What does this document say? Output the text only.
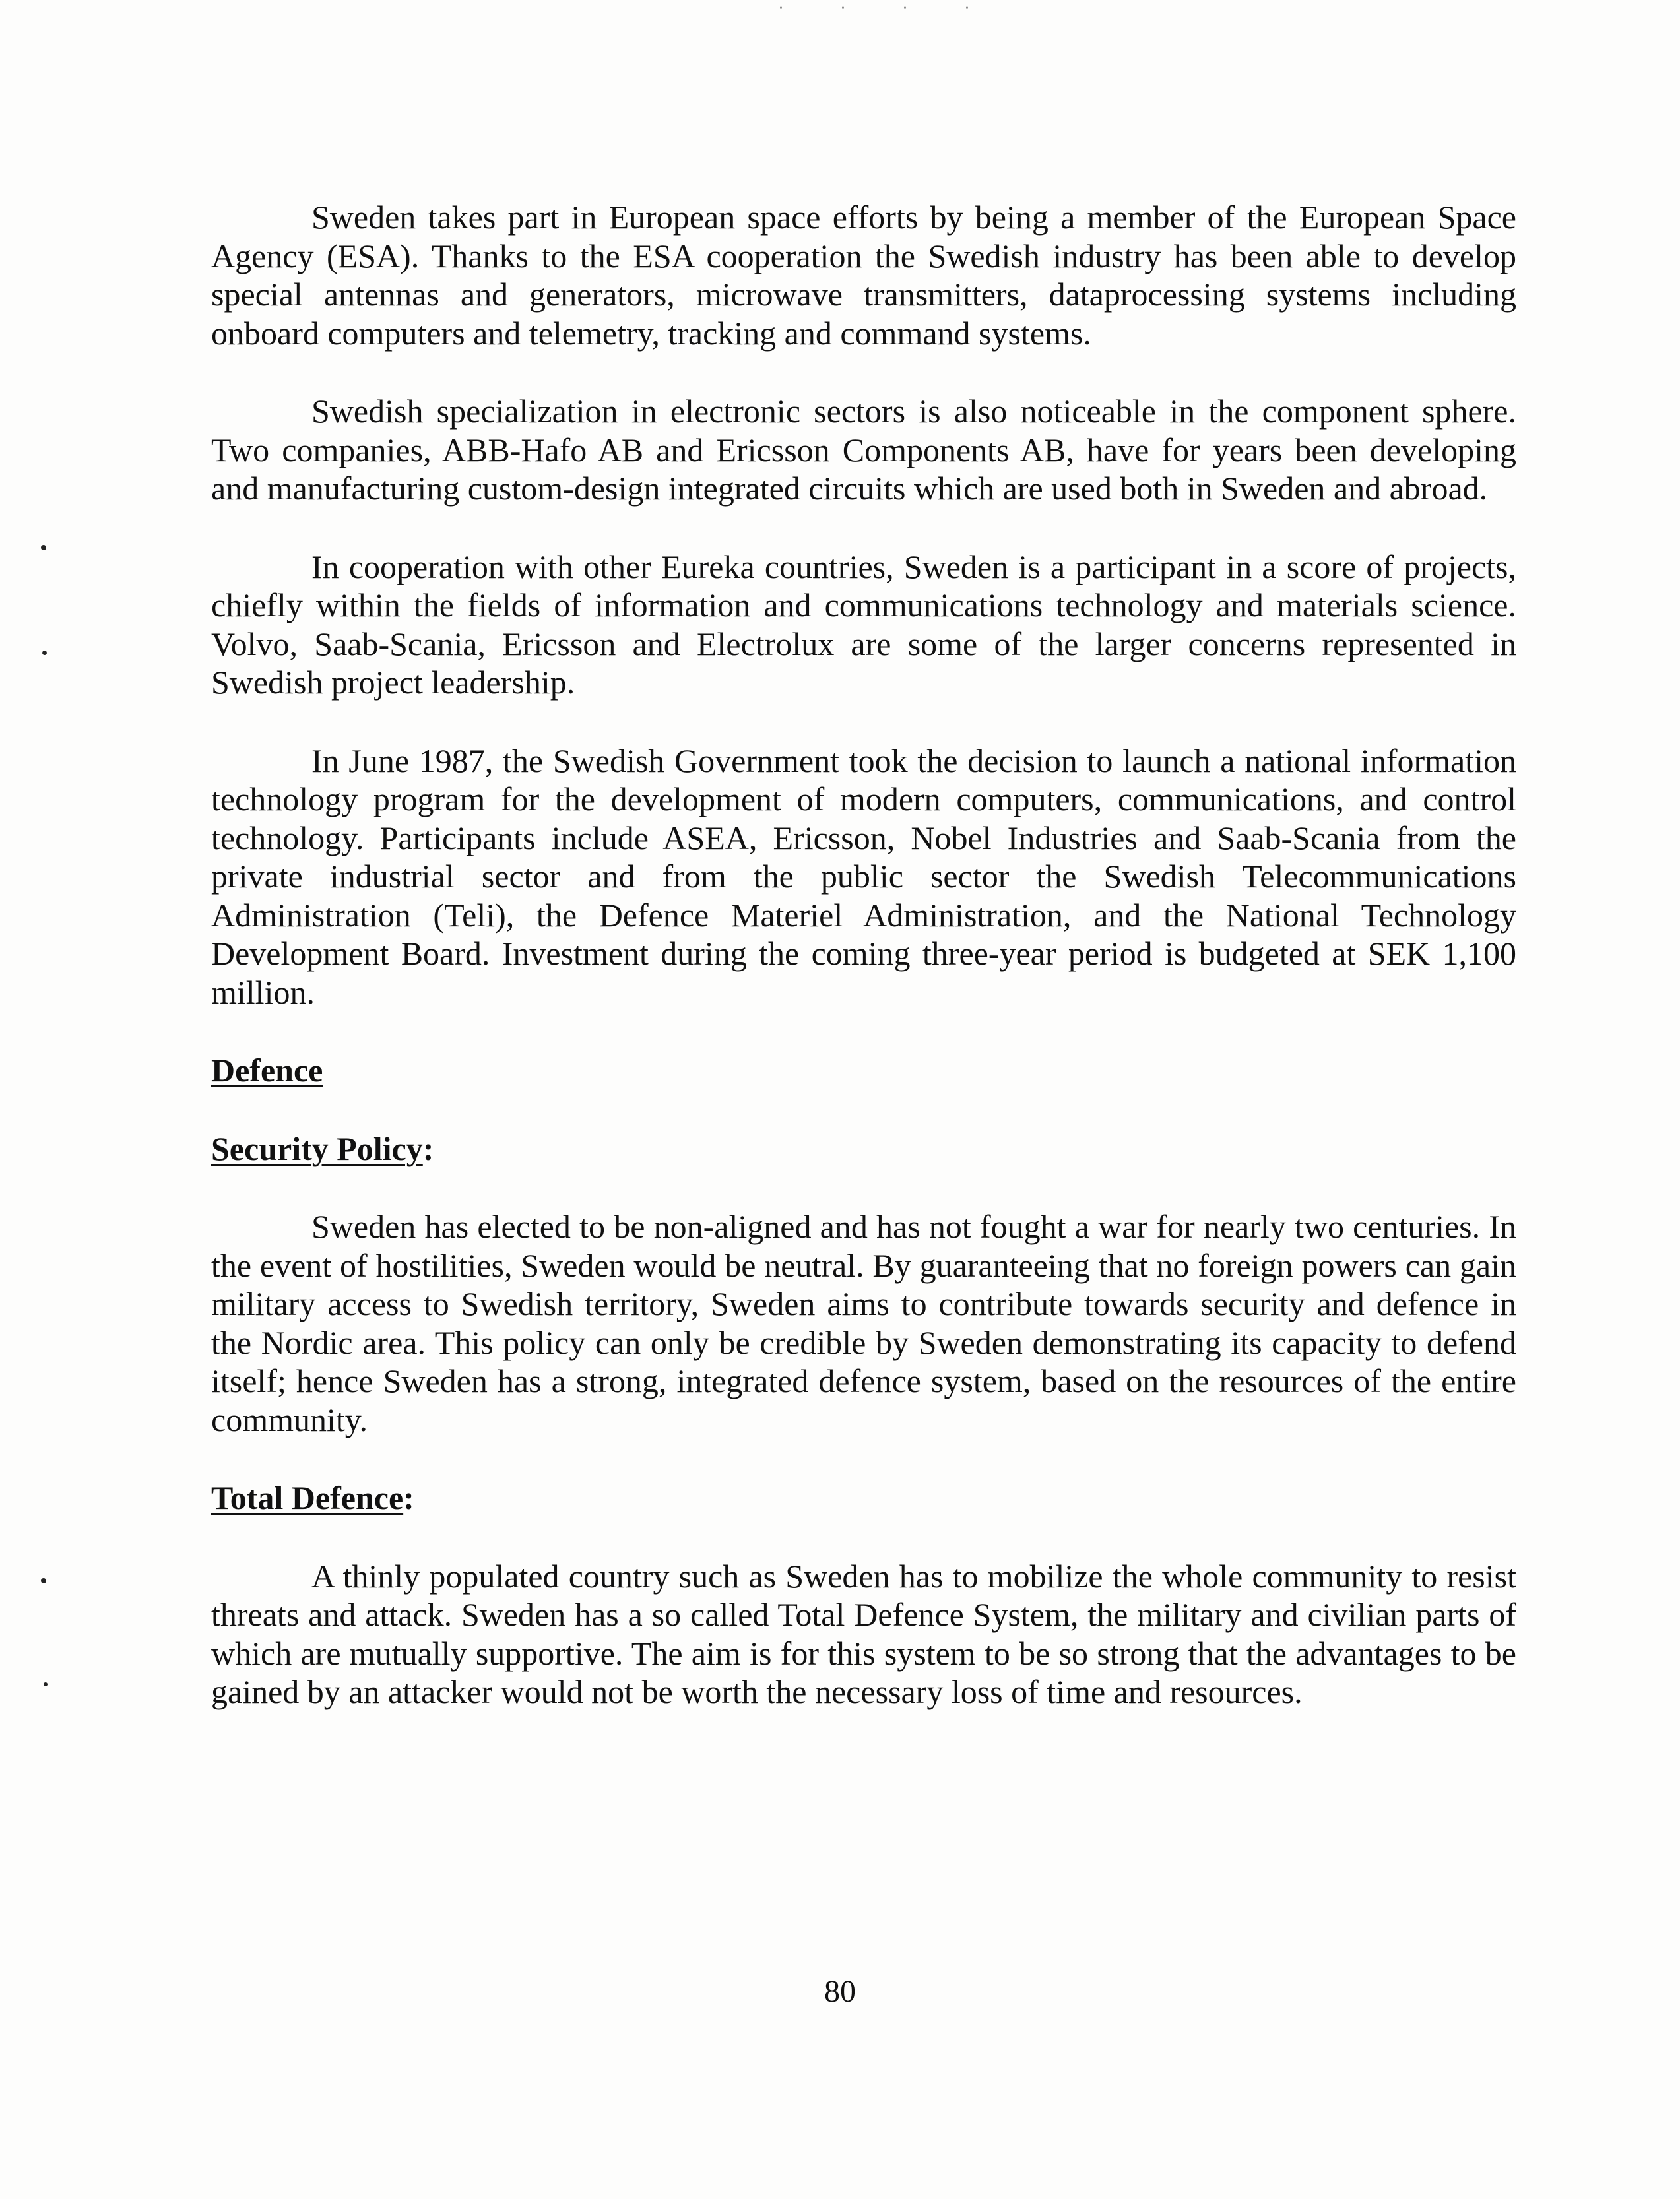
· · · ·

Sweden takes part in European space efforts by being a member of the European Space Agency (ESA). Thanks to the ESA cooperation the Swedish industry has been able to develop special antennas and generators, microwave transmitters, dataprocessing systems including onboard computers and telemetry, tracking and command systems.

Swedish specialization in electronic sectors is also noticeable in the component sphere. Two companies, ABB-Hafo AB and Ericsson Components AB, have for years been developing and manufacturing custom-design integrated circuits which are used both in Sweden and abroad.

In cooperation with other Eureka countries, Sweden is a participant in a score of projects, chiefly within the fields of information and communications technology and materials science. Volvo, Saab-Scania, Ericsson and Electrolux are some of the larger concerns represented in Swedish project leadership.

In June 1987, the Swedish Government took the decision to launch a national information technology program for the development of modern computers, communications, and control technology. Participants include ASEA, Ericsson, Nobel Industries and Saab-Scania from the private industrial sector and from the public sector the Swedish Telecommunications Administration (Teli), the Defence Materiel Administration, and the National Technology Development Board. Investment during the coming three-year period is budgeted at SEK 1,100 million.

Defence
Security Policy:

Sweden has elected to be non-aligned and has not fought a war for nearly two centuries. In the event of hostilities, Sweden would be neutral. By guaranteeing that no foreign powers can gain military access to Swedish territory, Sweden aims to contribute towards security and defence in the Nordic area. This policy can only be credible by Sweden demonstrating its capacity to defend itself; hence Sweden has a strong, integrated defence system, based on the resources of the entire community.

Total Defence:

A thinly populated country such as Sweden has to mobilize the whole community to resist threats and attack. Sweden has a so called Total Defence System, the military and civilian parts of which are mutually supportive. The aim is for this system to be so strong that the advantages to be gained by an attacker would not be worth the necessary loss of time and resources.

80
